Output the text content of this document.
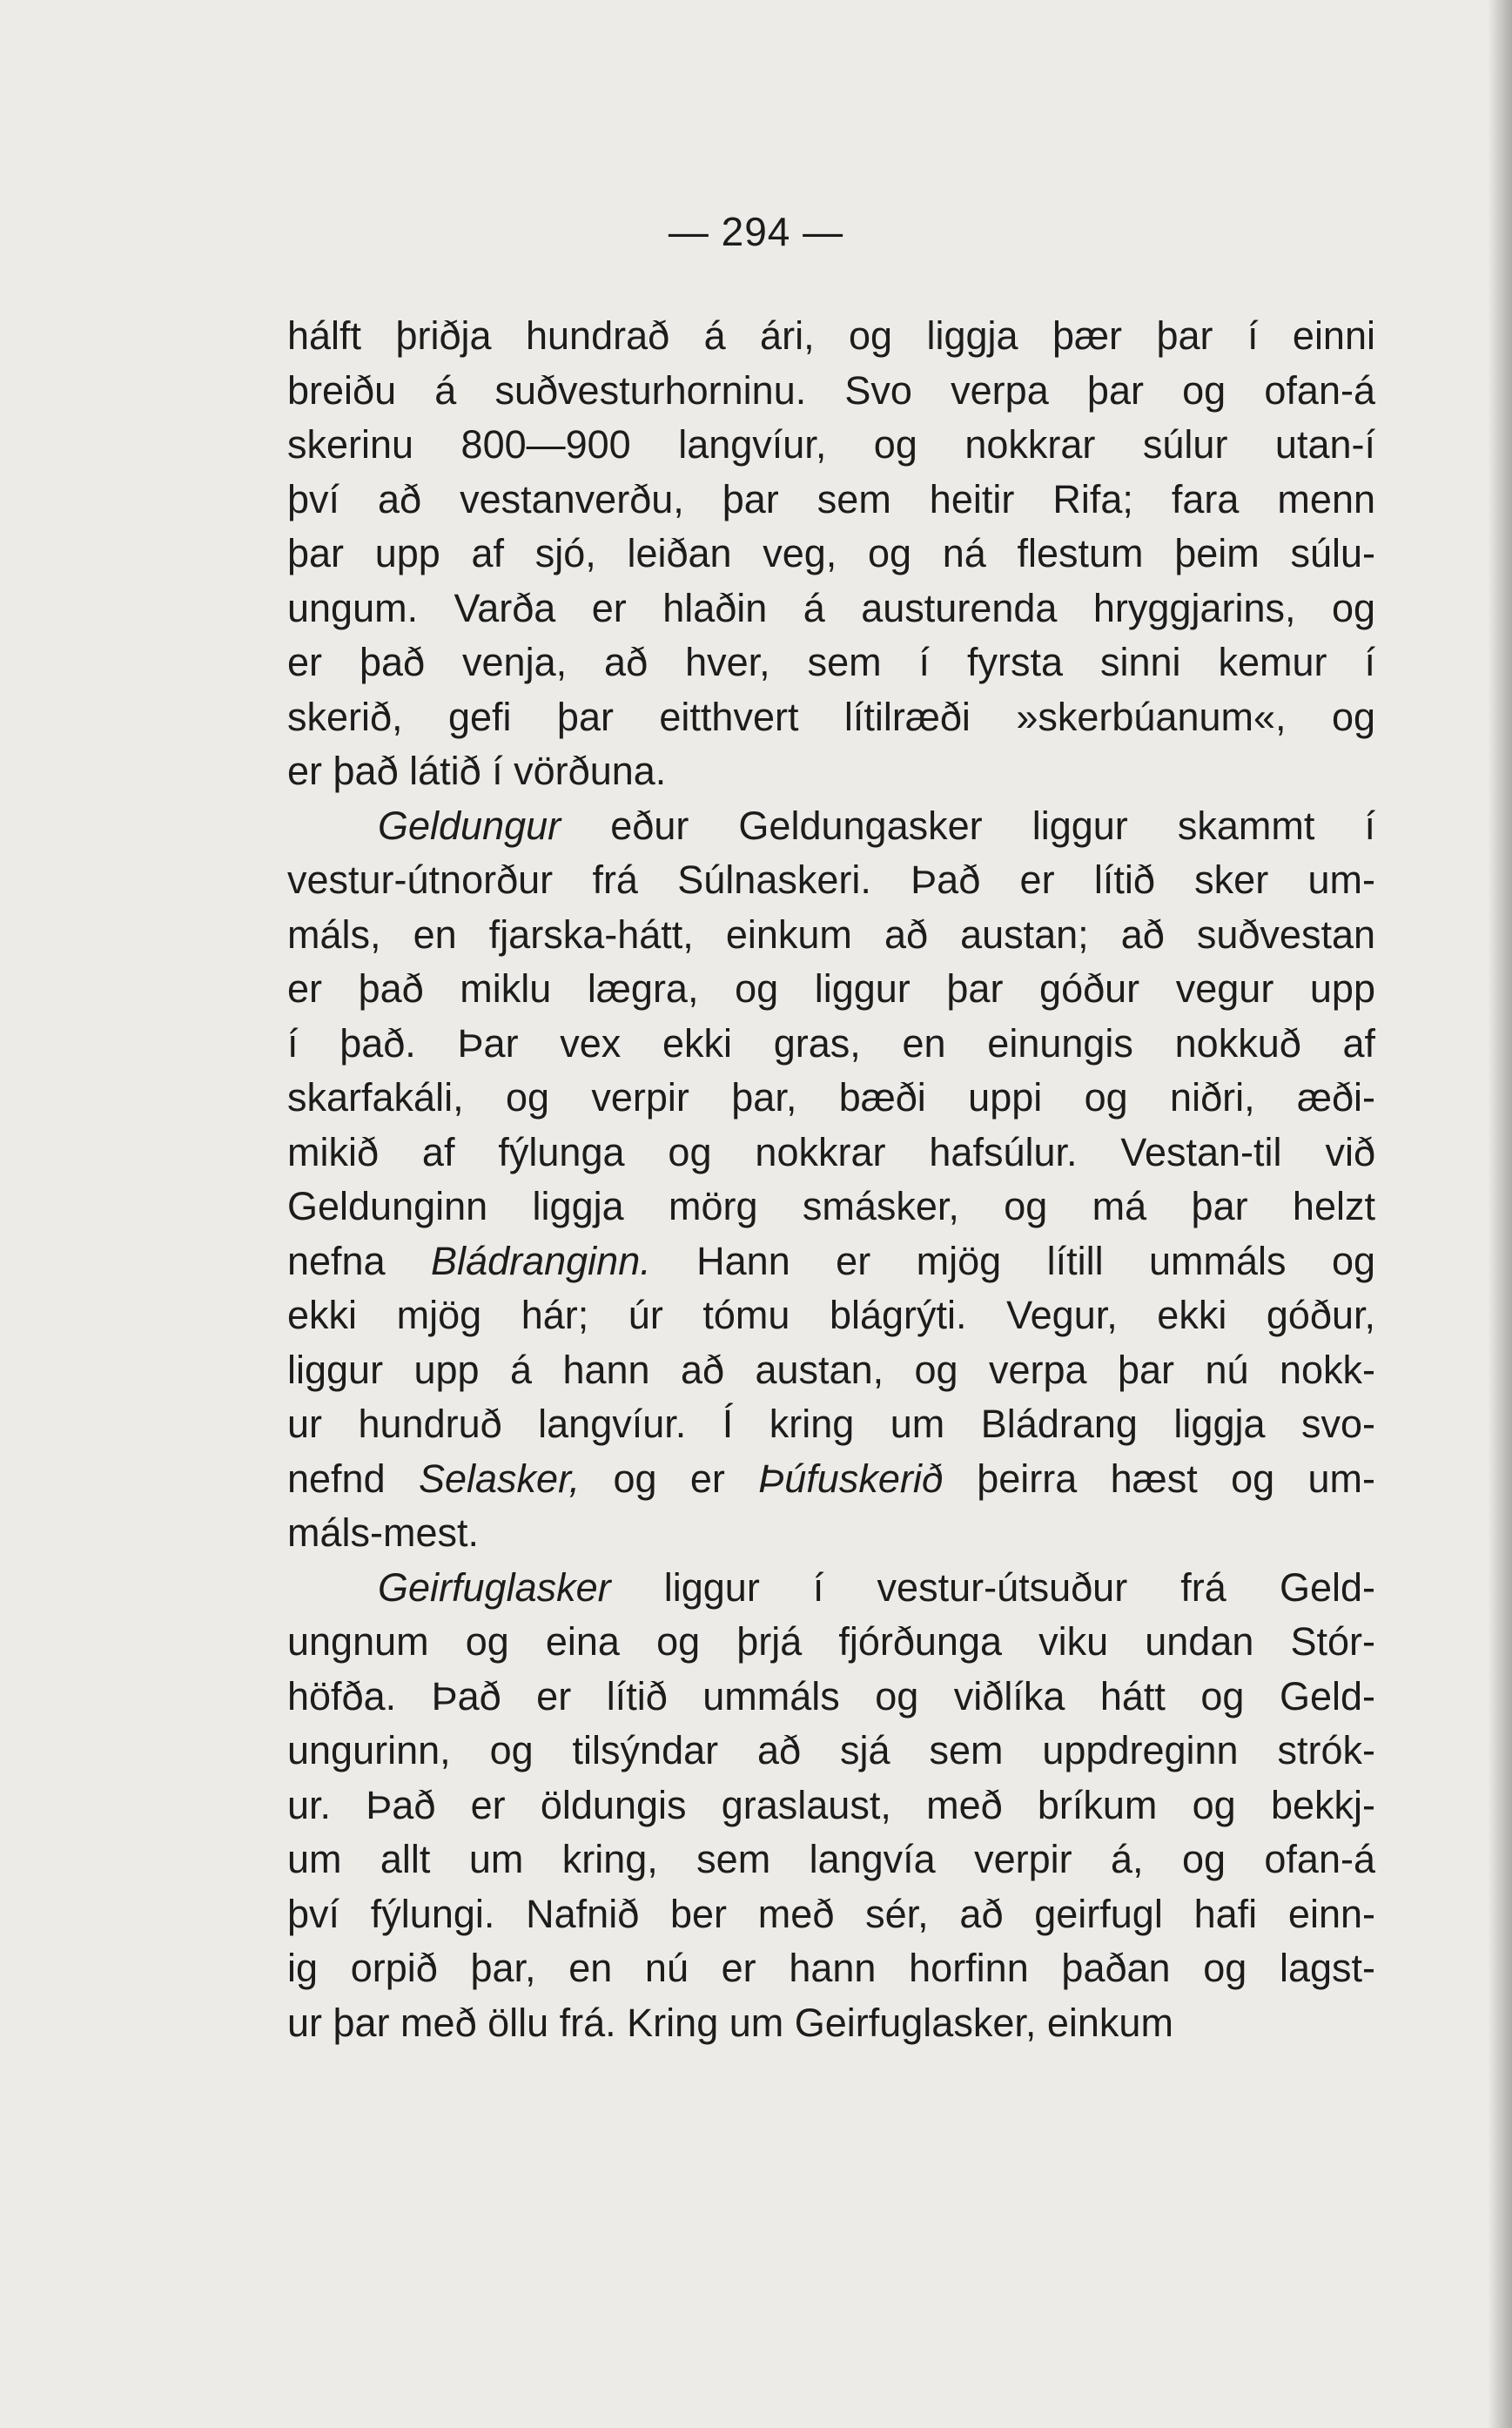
— 294 —
hálft þriðja hundrað á ári, og liggja þær þar í einni
breiðu á suðvesturhorninu. Svo verpa þar og ofan-á
skerinu 800—900 langvíur, og nokkrar súlur utan-í
því að vestanverðu, þar sem heitir Rifa; fara menn
þar upp af sjó, leiðan veg, og ná flestum þeim súlu-
ungum. Varða er hlaðin á austurenda hryggjarins, og
er það venja, að hver, sem í fyrsta sinni kemur í
skerið, gefi þar eitthvert lítilræði »skerbúanum«, og
er það látið í vörðuna.
Geldungur eður Geldungasker liggur skammt í
vestur-útnorður frá Súlnaskeri. Það er lítið sker um-
máls, en fjarska-hátt, einkum að austan; að suðvestan
er það miklu lægra, og liggur þar góður vegur upp
í það. Þar vex ekki gras, en einungis nokkuð af
skarfakáli, og verpir þar, bæði uppi og niðri, æði-
mikið af fýlunga og nokkrar hafsúlur. Vestan-til við
Geldunginn liggja mörg smásker, og má þar helzt
nefna Bládranginn. Hann er mjög lítill ummáls og
ekki mjög hár; úr tómu blágrýti. Vegur, ekki góður,
liggur upp á hann að austan, og verpa þar nú nokk-
ur hundruð langvíur. Í kring um Bládrang liggja svo-
nefnd Selasker, og er Þúfuskerið þeirra hæst og um-
máls-mest.
Geirfuglasker liggur í vestur-útsuður frá Geld-
ungnum og eina og þrjá fjórðunga viku undan Stór-
höfða. Það er lítið ummáls og viðlíka hátt og Geld-
ungurinn, og tilsýndar að sjá sem uppdreginn strók-
ur. Það er öldungis graslaust, með bríkum og bekkj-
um allt um kring, sem langvía verpir á, og ofan-á
því fýlungi. Nafnið ber með sér, að geirfugl hafi einn-
ig orpið þar, en nú er hann horfinn þaðan og lagst-
ur þar með öllu frá. Kring um Geirfuglasker, einkum
